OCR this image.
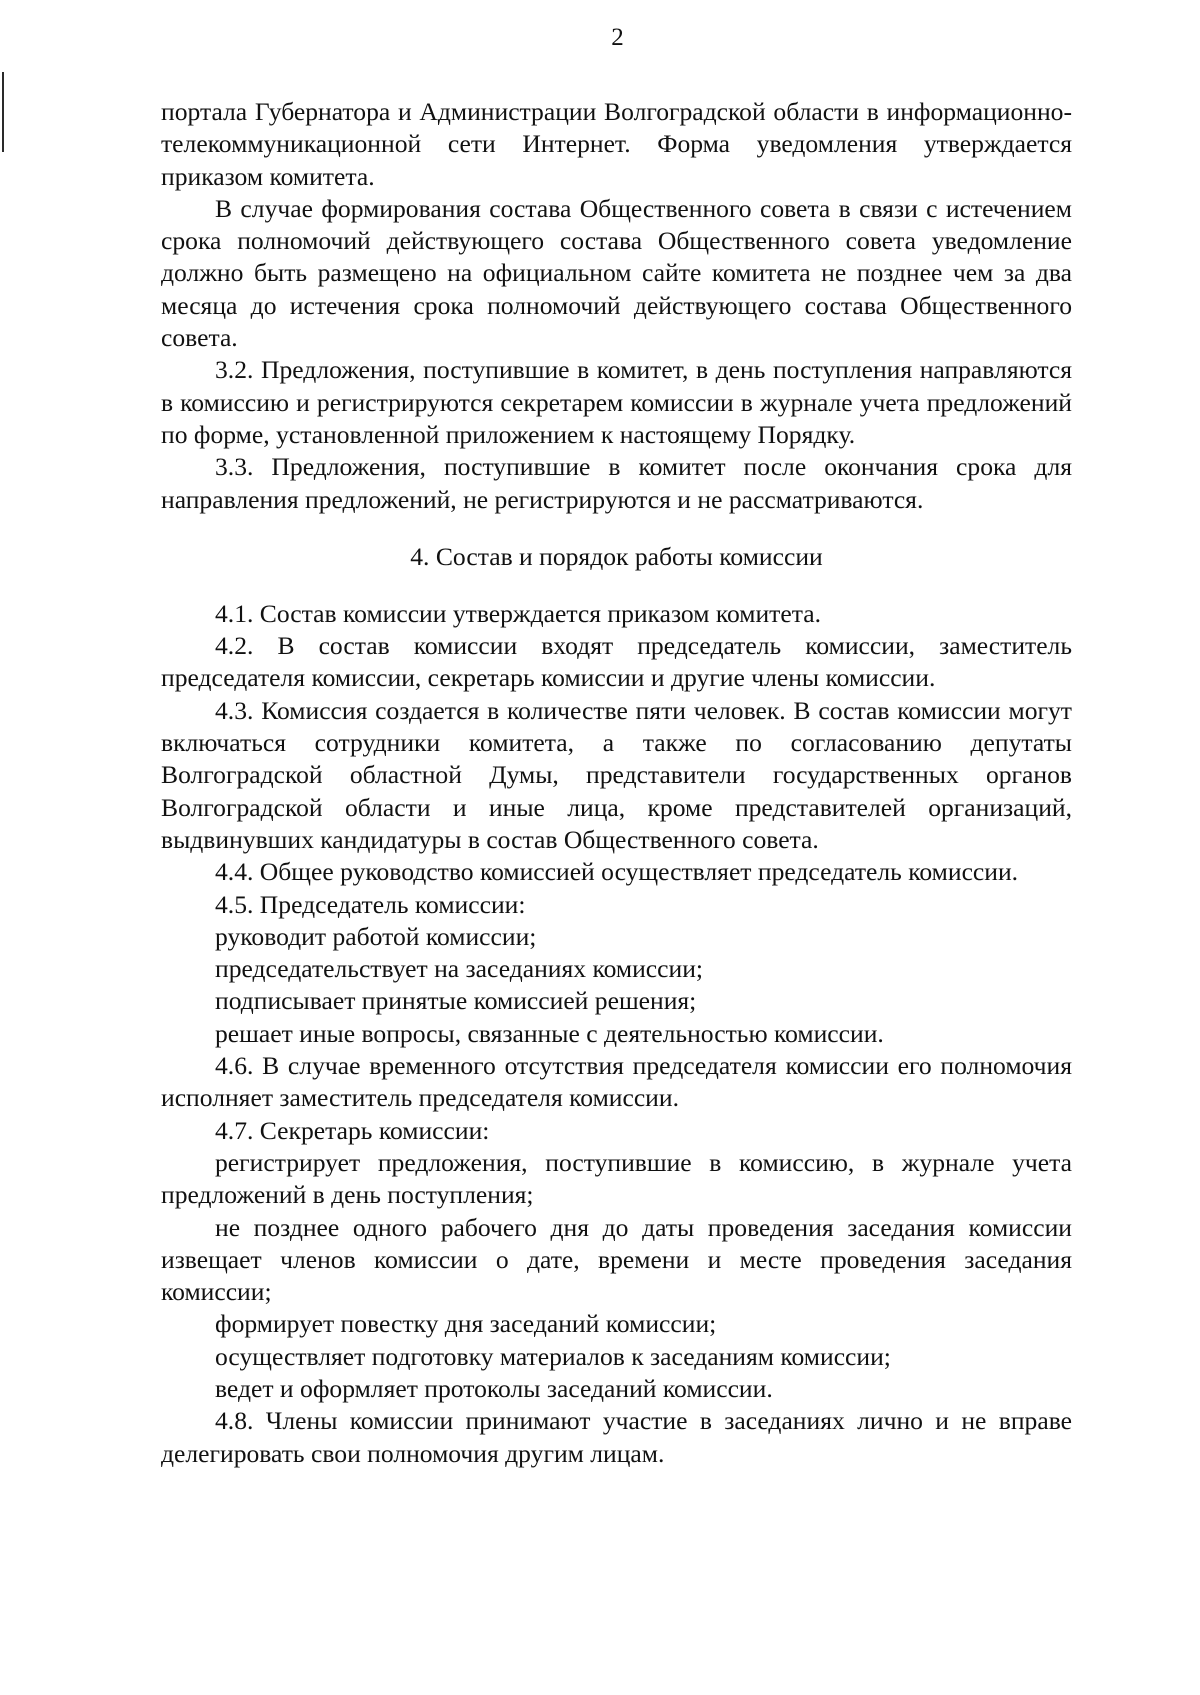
2

портала Губернатора и Администрации Волгоградской области в информационно-телекоммуникационной сети Интернет. Форма уведомления утверждается приказом комитета.

В случае формирования состава Общественного совета в связи с истечением срока полномочий действующего состава Общественного совета уведомление должно быть размещено на официальном сайте комитета не позднее чем за два месяца до истечения срока полномочий действующего состава Общественного совета.

3.2. Предложения, поступившие в комитет, в день поступления направляются в комиссию и регистрируются секретарем комиссии в журнале учета предложений по форме, установленной приложением к настоящему Порядку.

3.3. Предложения, поступившие в комитет после окончания срока для направления предложений, не регистрируются и не рассматриваются.

4. Состав и порядок работы комиссии

4.1. Состав комиссии утверждается приказом комитета.

4.2. В состав комиссии входят председатель комиссии, заместитель председателя комиссии, секретарь комиссии и другие члены комиссии.

4.3. Комиссия создается в количестве пяти человек. В состав комиссии могут включаться сотрудники комитета, а также по согласованию депутаты Волгоградской областной Думы, представители государственных органов Волгоградской области и иные лица, кроме представителей организаций, выдвинувших кандидатуры в состав Общественного совета.

4.4. Общее руководство комиссией осуществляет председатель комиссии.

4.5. Председатель комиссии:

руководит работой комиссии;

председательствует на заседаниях комиссии;

подписывает принятые комиссией решения;

решает иные вопросы, связанные с деятельностью комиссии.

4.6. В случае временного отсутствия председателя комиссии его полномочия исполняет заместитель председателя комиссии.

4.7. Секретарь комиссии:

регистрирует предложения, поступившие в комиссию, в журнале учета предложений в день поступления;

не позднее одного рабочего дня до даты проведения заседания комиссии извещает членов комиссии о дате, времени и месте проведения заседания комиссии;

формирует повестку дня заседаний комиссии;

осуществляет подготовку материалов к заседаниям комиссии;

ведет и оформляет протоколы заседаний комиссии.

4.8. Члены комиссии принимают участие в заседаниях лично и не вправе делегировать свои полномочия другим лицам.
